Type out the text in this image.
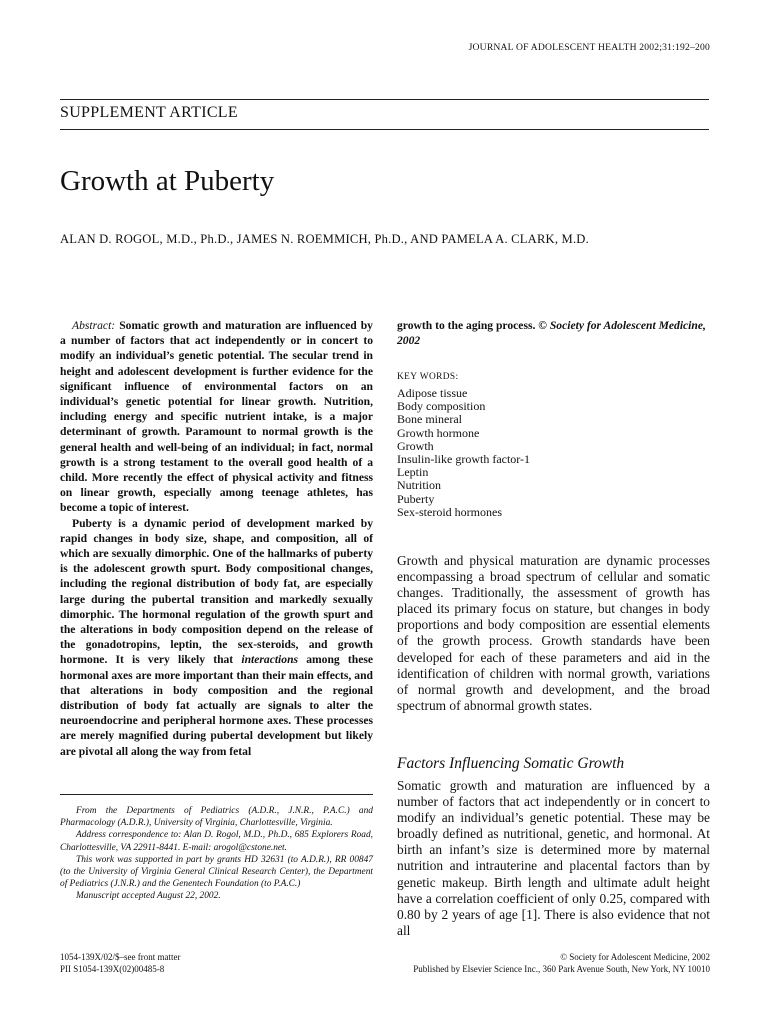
JOURNAL OF ADOLESCENT HEALTH 2002;31:192–200
SUPPLEMENT ARTICLE
Growth at Puberty
ALAN D. ROGOL, M.D., Ph.D., JAMES N. ROEMMICH, Ph.D., AND PAMELA A. CLARK, M.D.

Abstract: Somatic growth and maturation are influenced by a number of factors that act independently or in concert to modify an individual’s genetic potential. The secular trend in height and adolescent development is further evidence for the significant influence of environmental factors on an individual’s genetic potential for linear growth. Nutrition, including energy and specific nutrient intake, is a major determinant of growth. Paramount to normal growth is the general health and well-being of an individual; in fact, normal growth is a strong testament to the overall good health of a child. More recently the effect of physical activity and fitness on linear growth, especially among teenage athletes, has become a topic of interest.

Puberty is a dynamic period of development marked by rapid changes in body size, shape, and composition, all of which are sexually dimorphic. One of the hallmarks of puberty is the adolescent growth spurt. Body compositional changes, including the regional distribution of body fat, are especially large during the pubertal transition and markedly sexually dimorphic. The hormonal regulation of the growth spurt and the alterations in body composition depend on the release of the gonadotropins, leptin, the sex-steroids, and growth hormone. It is very likely that interactions among these hormonal axes are more important than their main effects, and that alterations in body composition and the regional distribution of body fat actually are signals to alter the neuroendocrine and peripheral hormone axes. These processes are merely magnified during pubertal development but likely are pivotal all along the way from fetal

growth to the aging process. © Society for Adolescent Medicine, 2002
KEY WORDS:
Adipose tissue
Body composition
Bone mineral
Growth hormone
Growth
Insulin-like growth factor-1
Leptin
Nutrition
Puberty
Sex-steroid hormones

Growth and physical maturation are dynamic processes encompassing a broad spectrum of cellular and somatic changes. Traditionally, the assessment of growth has placed its primary focus on stature, but changes in body proportions and body composition are essential elements of the growth process. Growth standards have been developed for each of these parameters and aid in the identification of children with normal growth, variations of normal growth and development, and the broad spectrum of abnormal growth states.

Factors Influencing Somatic Growth

Somatic growth and maturation are influenced by a number of factors that act independently or in concert to modify an individual’s genetic potential. These may be broadly defined as nutritional, genetic, and hormonal. At birth an infant’s size is determined more by maternal nutrition and intrauterine and placental factors than by genetic makeup. Birth length and ultimate adult height have a correlation coefficient of only 0.25, compared with 0.80 by 2 years of age [1]. There is also evidence that not all

From the Departments of Pediatrics (A.D.R., J.N.R., P.A.C.) and Pharmacology (A.D.R.), University of Virginia, Charlottesville, Virginia.

Address correspondence to: Alan D. Rogol, M.D., Ph.D., 685 Explorers Road, Charlottesville, VA 22911-8441. E-mail: arogol@cstone.net.

This work was supported in part by grants HD 32631 (to A.D.R.), RR 00847 (to the University of Virginia General Clinical Research Center), the Department of Pediatrics (J.N.R.) and the Genentech Foundation (to P.A.C.)

Manuscript accepted August 22, 2002.

1054-139X/02/$–see front matter
PII S1054-139X(02)00485-8
© Society for Adolescent Medicine, 2002
Published by Elsevier Science Inc., 360 Park Avenue South, New York, NY 10010
